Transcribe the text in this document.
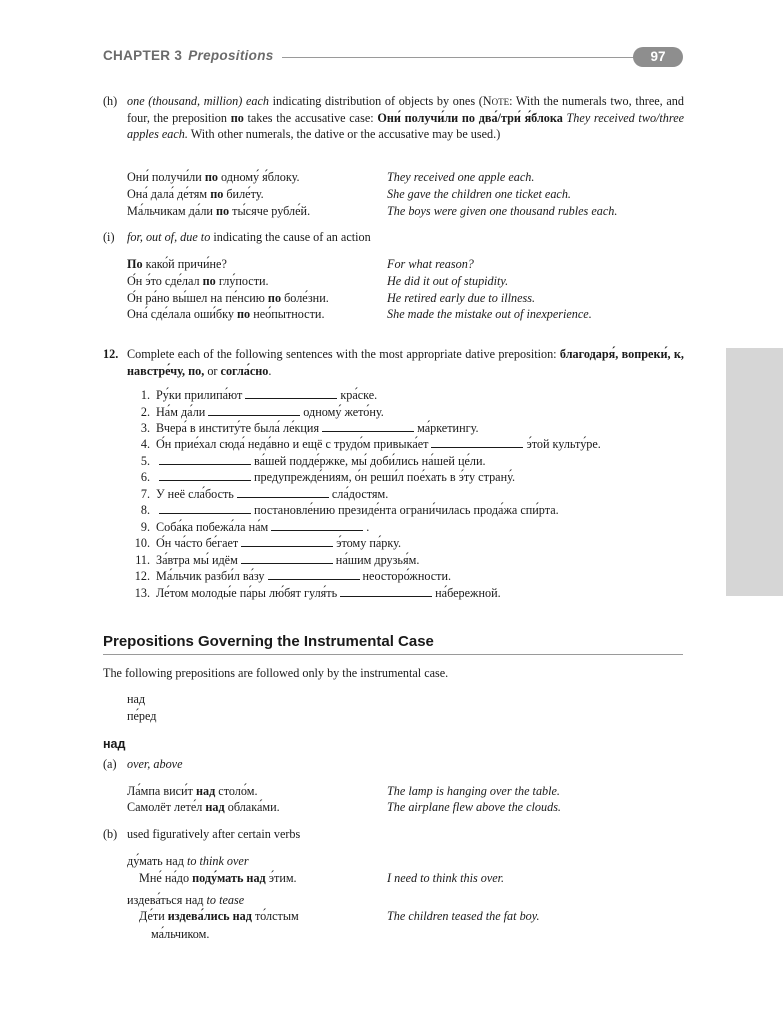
CHAPTER 3 Prepositions	97
(h) one (thousand, million) each indicating distribution of objects by ones (Note: With the numerals two, three, and four, the preposition по takes the accusative case: Они́ получи́ли по два́/три́ я́блока They received two/three apples each. With other numerals, the dative or the accusative may be used.)
Они́ получи́ли по одному́ я́блоку.	They received one apple each.
Она́ дала́ де́тям по биле́ту.	She gave the children one ticket each.
Ма́льчикам да́ли по ты́сяче рубле́й.	The boys were given one thousand rubles each.
(i) for, out of, due to indicating the cause of an action
По како́й причи́не?	For what reason?
О́н э́то сде́лал по глу́пости.	He did it out of stupidity.
О́н ра́но вы́шел на пе́нсию по боле́зни.	He retired early due to illness.
Она́ сде́лала оши́бку по нео́пытности.	She made the mistake out of inexperience.
12. Complete each of the following sentences with the most appropriate dative preposition: благодаря́, вопреки́, к, навстре́чу, по, or согла́сно.
1. Ру́ки прилипа́ют	кра́ске.
2. На́м да́ли	одному́ жето́ну.
3. Вчера́ в институ́те была́ ле́кция	ма́ркетингу.
4. О́н прие́хал сюда́ неда́вно и ещё с трудо́м привыка́ет	э́той культу́ре.
5.	ва́шей подде́ржке, мы́ доби́лись на́шей це́ли.
6.	предупрежде́ниям, о́н реши́л пое́хать в э́ту страну́.
7. У неё сла́бость	сла́достям.
8.	постановле́нию президе́нта ограни́чилась прода́жа спи́рта.
9. Соба́ка побежа́ла на́м	.
10. О́н ча́сто бе́гает	э́тому па́рку.
11. За́втра мы́ идём	на́шим друзья́м.
12. Ма́льчик разби́л ва́зу	неосторо́жности.
13. Ле́том молоды́е па́ры лю́бят гуля́ть	на́бережной.
Prepositions Governing the Instrumental Case
The following prepositions are followed only by the instrumental case.
над
пе́ред
над
(a) over, above
Ла́мпа виси́т над столо́м.	The lamp is hanging over the table.
Самолёт лете́л над облака́ми.	The airplane flew above the clouds.
(b) used figuratively after certain verbs
ду́мать над to think over
Мне́ на́до поду́мать над э́тим.	I need to think this over.
издева́ться над to tease
Де́ти издева́лись над то́лстым	The children teased the fat boy.
ма́льчиком.
